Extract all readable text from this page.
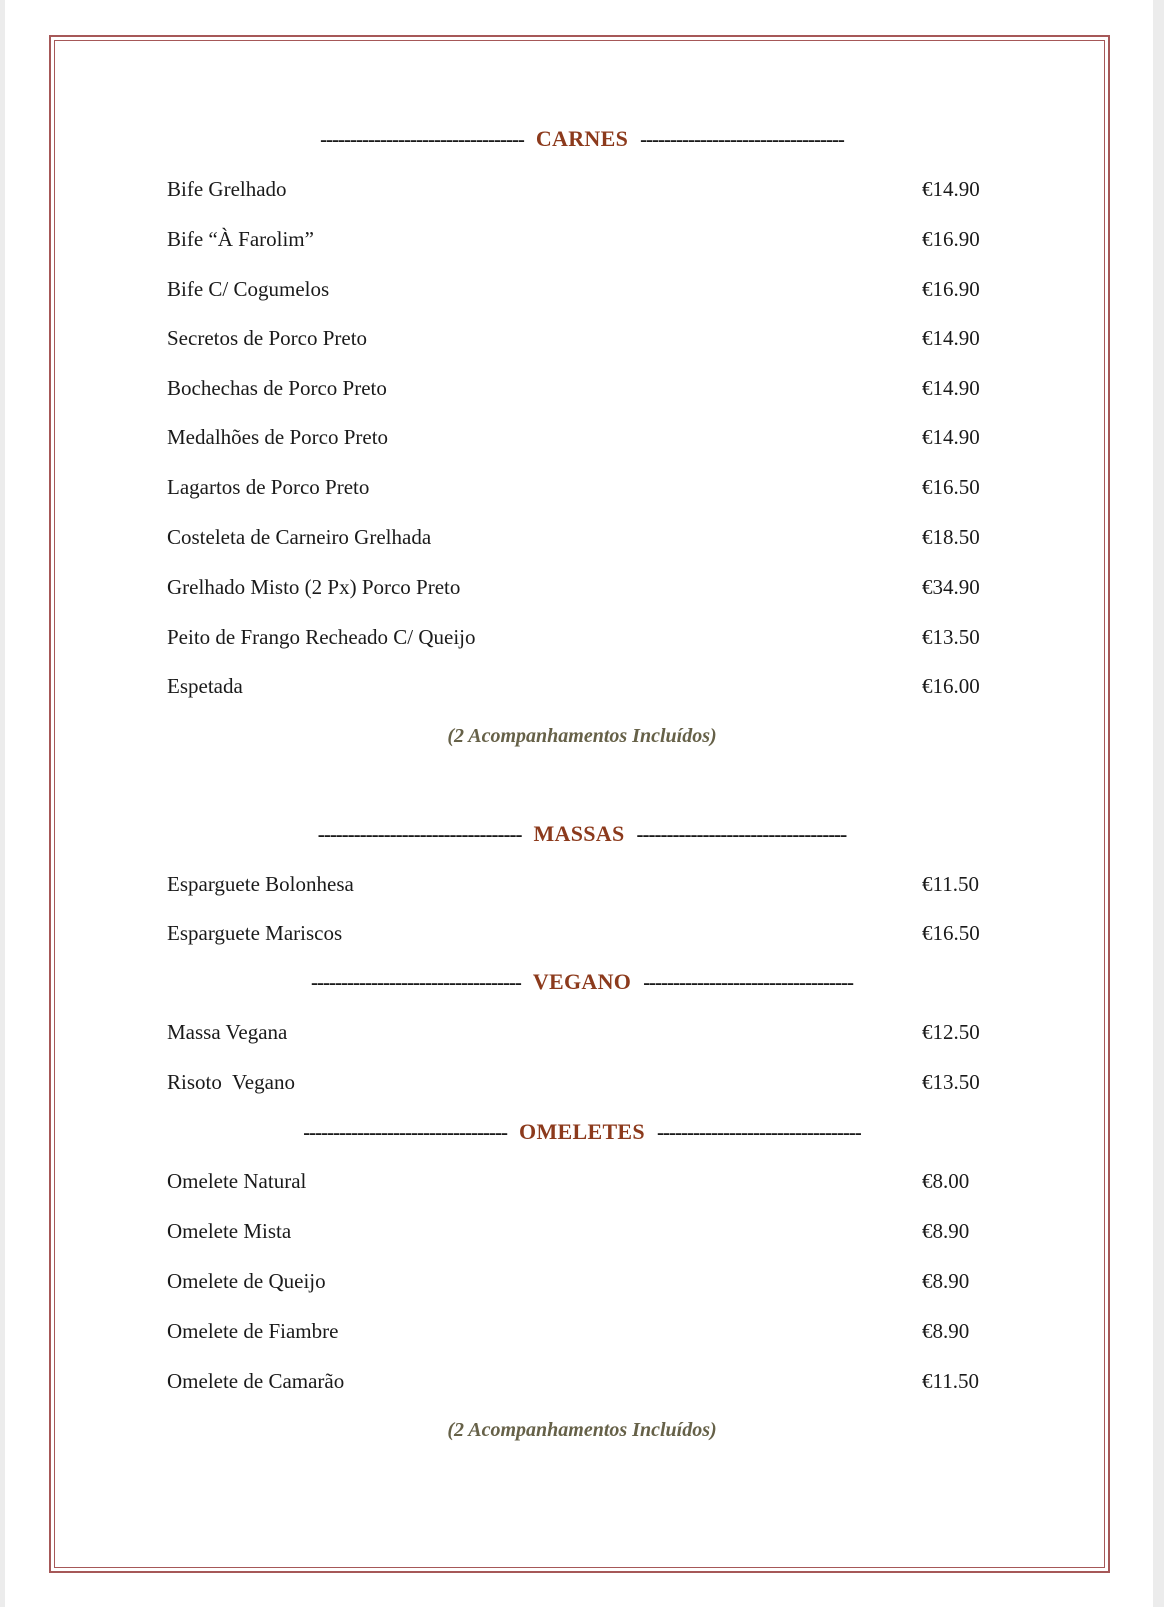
---------------------------------- CARNES ----------------------------------
Bife Grelhado	€14.90
Bife “À Farolim”	€16.90
Bife C/ Cogumelos	€16.90
Secretos de Porco Preto	€14.90
Bochechas de Porco Preto	€14.90
Medalhões de Porco Preto	€14.90
Lagartos de Porco Preto	€16.50
Costeleta de Carneiro Grelhada	€18.50
Grelhado Misto (2 Px) Porco Preto	€34.90
Peito de Frango Recheado C/ Queijo	€13.50
Espetada	€16.00
(2 Acompanhamentos Incluídos)
---------------------------------- MASSAS -----------------------------------
Esparguete Bolonhesa	€11.50
Esparguete Mariscos	€16.50
----------------------------------- VEGANO -----------------------------------
Massa Vegana	€12.50
Risoto  Vegano	€13.50
---------------------------------- OMELETES ----------------------------------
Omelete Natural	€8.00
Omelete Mista	€8.90
Omelete de Queijo	€8.90
Omelete de Fiambre	€8.90
Omelete de Camarão	€11.50
(2 Acompanhamentos Incluídos)
